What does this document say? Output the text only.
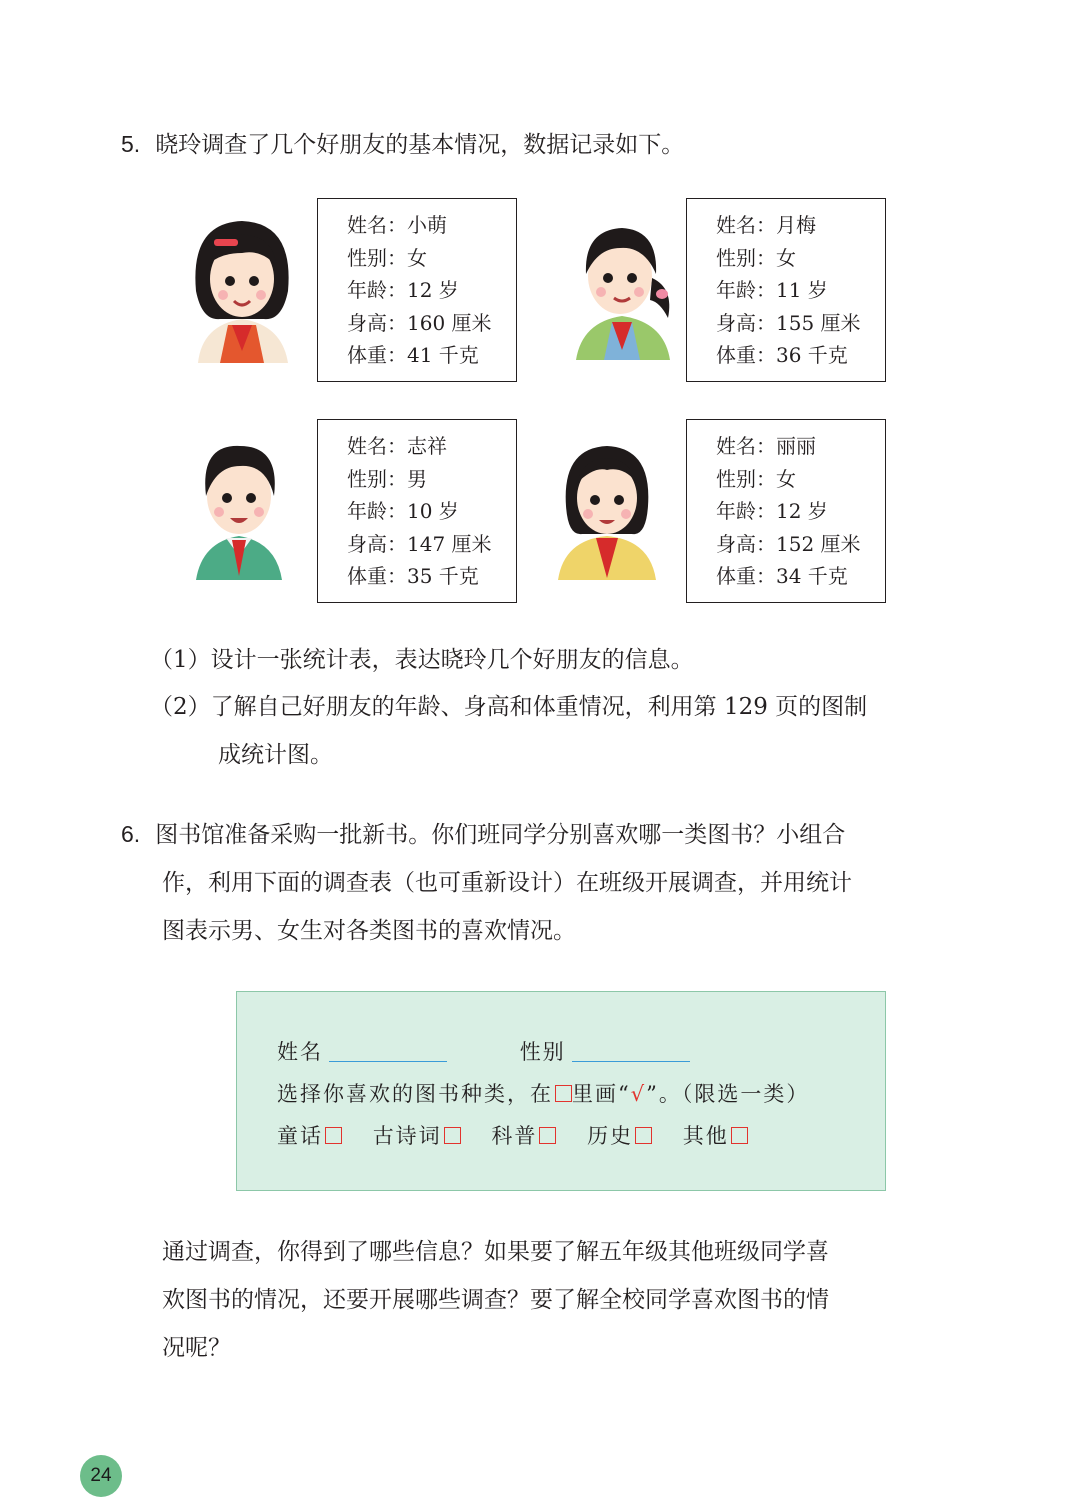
5. 晓玲调查了几个好朋友的基本情况，数据记录如下。
姓名：小萌
性别：女
年龄：12 岁
身高：160 厘米
体重：41 千克
姓名：月梅
性别：女
年龄：11 岁
身高：155 厘米
体重：36 千克
姓名：志祥
性别：男
年龄：10 岁
身高：147 厘米
体重：35 千克
姓名：丽丽
性别：女
年龄：12 岁
身高：152 厘米
体重：34 千克
（1）设计一张统计表，表达晓玲几个好朋友的信息。
（2）了解自己好朋友的年龄、身高和体重情况，利用第 129 页的图制
成统计图。
6. 图书馆准备采购一批新书。你们班同学分别喜欢哪一类图书？小组合
作，利用下面的调查表（也可重新设计）在班级开展调查，并用统计
图表示男、女生对各类图书的喜欢情况。
姓名	性别
选择你喜欢的图书种类，在 里画“√”。（限选一类）
童话 古诗词 科普 历史 其他
通过调查，你得到了哪些信息？如果要了解五年级其他班级同学喜
欢图书的情况，还要开展哪些调查？要了解全校同学喜欢图书的情
况呢？
24
